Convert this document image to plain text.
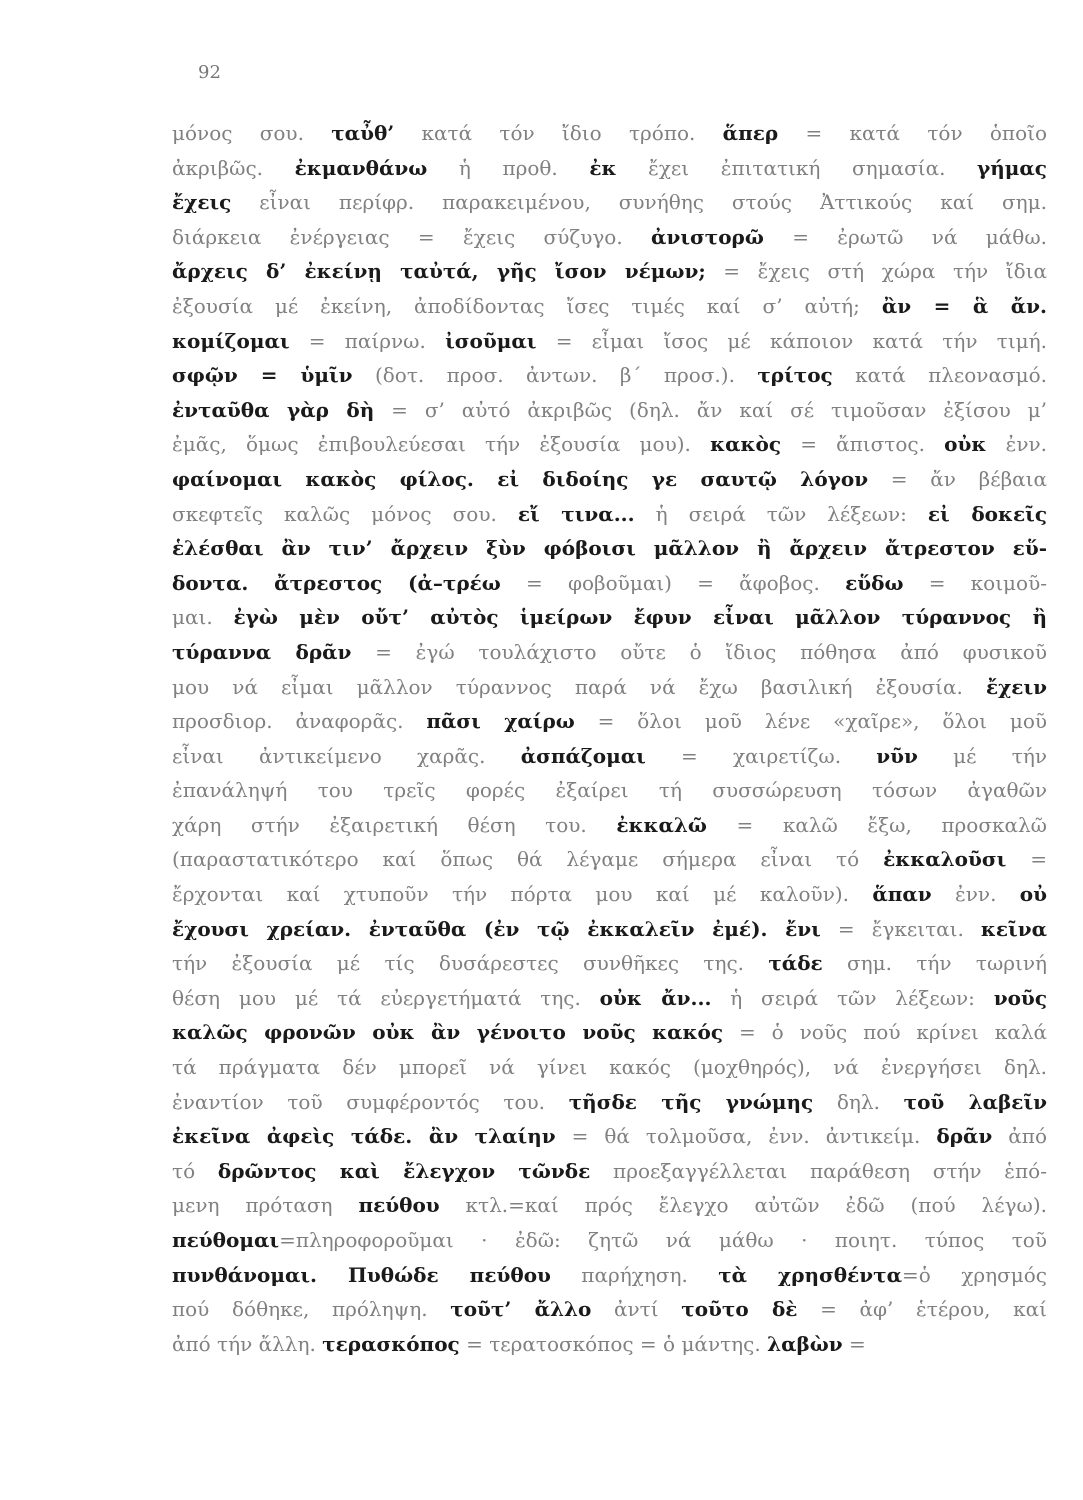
92
μόνος σου. ταὖθ’ κατά τόν ἴδιο τρόπο. ἅπερ = κατά τόν ὁποῖο
ἀκριβῶς. ἐκμανθάνω ἡ προθ. ἐκ ἔχει ἐπιτατική σημασία. γήμας
ἔχεις εἶναι περίφρ. παρακειμένου, συνήθης στούς Ἀττικούς καί σημ.
διάρκεια ἐνέργειας = ἔχεις σύζυγο. ἀνιστορῶ = ἐρωτῶ νά μάθω.
ἄρχεις δ’ ἐκείνῃ ταὐτά, γῆς ἴσον νέμων; = ἔχεις στή χώρα τήν ἴδια
ἐξουσία μέ ἐκείνη, ἀποδίδοντας ἴσες τιμές καί σ’ αὐτή; ἂν = ἃ ἄν.
κομίζομαι = παίρνω. ἰσοῦμαι = εἶμαι ἴσος μέ κάποιον κατά τήν τιμή.
σφῷν = ὑμῖν (δοτ. προσ. ἀντων. β΄ προσ.). τρίτος κατά πλεονασμό.
ἐνταῦθα γὰρ δὴ = σ’ αὐτό ἀκριβῶς (δηλ. ἄν καί σέ τιμοῦσαν ἐξίσου μ’
ἐμᾶς, ὅμως ἐπιβουλεύεσαι τήν ἐξουσία μου). κακὸς = ἄπιστος. οὐκ ἐνν.
φαίνομαι κακὸς φίλος. εἰ διδοίης γε σαυτῷ λόγον = ἄν βέβαια
σκεφτεῖς καλῶς μόνος σου. εἴ τινα... ἡ σειρά τῶν λέξεων: εἰ δοκεῖς
ἑλέσθαι ἂν τιν’ ἄρχειν ξὺν φόβοισι μᾶλλον ἢ ἄρχειν ἄτρεστον εὕ-
δοντα. ἄτρεστος (ἀ–τρέω = φοβοῦμαι) = ἄφοβος. εὕδω = κοιμοῦ-
μαι. ἐγὼ μὲν οὔτ’ αὐτὸς ἱμείρων ἔφυν εἶναι μᾶλλον τύραννος ἢ
τύραννα δρᾶν = ἐγώ τουλάχιστο οὔτε ὁ ἴδιος πόθησα ἀπό φυσικοῦ
μου νά εἶμαι μᾶλλον τύραννος παρά νά ἔχω βασιλική ἐξουσία. ἔχειν
προσδιορ. ἀναφορᾶς. πᾶσι χαίρω = ὅλοι μοῦ λένε «χαῖρε», ὅλοι μοῦ
εἶναι ἀντικείμενο χαρᾶς. ἀσπάζομαι = χαιρετίζω. νῦν μέ τήν
ἐπανάληψή του τρεῖς φορές ἐξαίρει τή συσσώρευση τόσων ἀγαθῶν
χάρη στήν ἐξαιρετική θέση του. ἐκκαλῶ = καλῶ ἔξω, προσκαλῶ
(παραστατικότερο καί ὅπως θά λέγαμε σήμερα εἶναι τό ἐκκαλοῦσι =
ἔρχονται καί χτυποῦν τήν πόρτα μου καί μέ καλοῦν). ἅπαν ἐνν. οὐ
ἔχουσι χρείαν. ἐνταῦθα (ἐν τῷ ἐκκαλεῖν ἐμέ). ἔνι = ἔγκειται. κεῖνα
τήν ἐξουσία μέ τίς δυσάρεστες συνθῆκες της. τάδε σημ. τήν τωρινή
θέση μου μέ τά εὐεργετήματά της. οὐκ ἄν... ἡ σειρά τῶν λέξεων: νοῦς
καλῶς φρονῶν οὐκ ἂν γένοιτο νοῦς κακός = ὁ νοῦς πού κρίνει καλά
τά πράγματα δέν μπορεῖ νά γίνει κακός (μοχθηρός), νά ἐνεργήσει δηλ.
ἐναντίον τοῦ συμφέροντός του. τῆσδε τῆς γνώμης δηλ. τοῦ λαβεῖν
ἐκεῖνα ἀφεὶς τάδε. ἂν τλαίην = θά τολμοῦσα, ἐνν. ἀντικείμ. δρᾶν ἀπό
τό δρῶντος καὶ ἔλεγχον τῶνδε προεξαγγέλλεται παράθεση στήν ἑπό-
μενη πρόταση πεύθου κτλ.=καί πρός ἔλεγχο αὐτῶν ἐδῶ (πού λέγω).
πεύθομαι=πληροφοροῦμαι · ἐδῶ: ζητῶ νά μάθω · ποιητ. τύπος τοῦ
πυνθάνομαι. Πυθώδε πεύθου παρήχηση. τὰ χρησθέντα=ὁ χρησμός
πού δόθηκε, πρόληψη. τοῦτ’ ἄλλο ἀντί τοῦτο δὲ = ἀφ’ ἑτέρου, καί
ἀπό τήν ἄλλη. τερασκόπος = τερατοσκόπος = ὁ μάντης. λαβὼν =
